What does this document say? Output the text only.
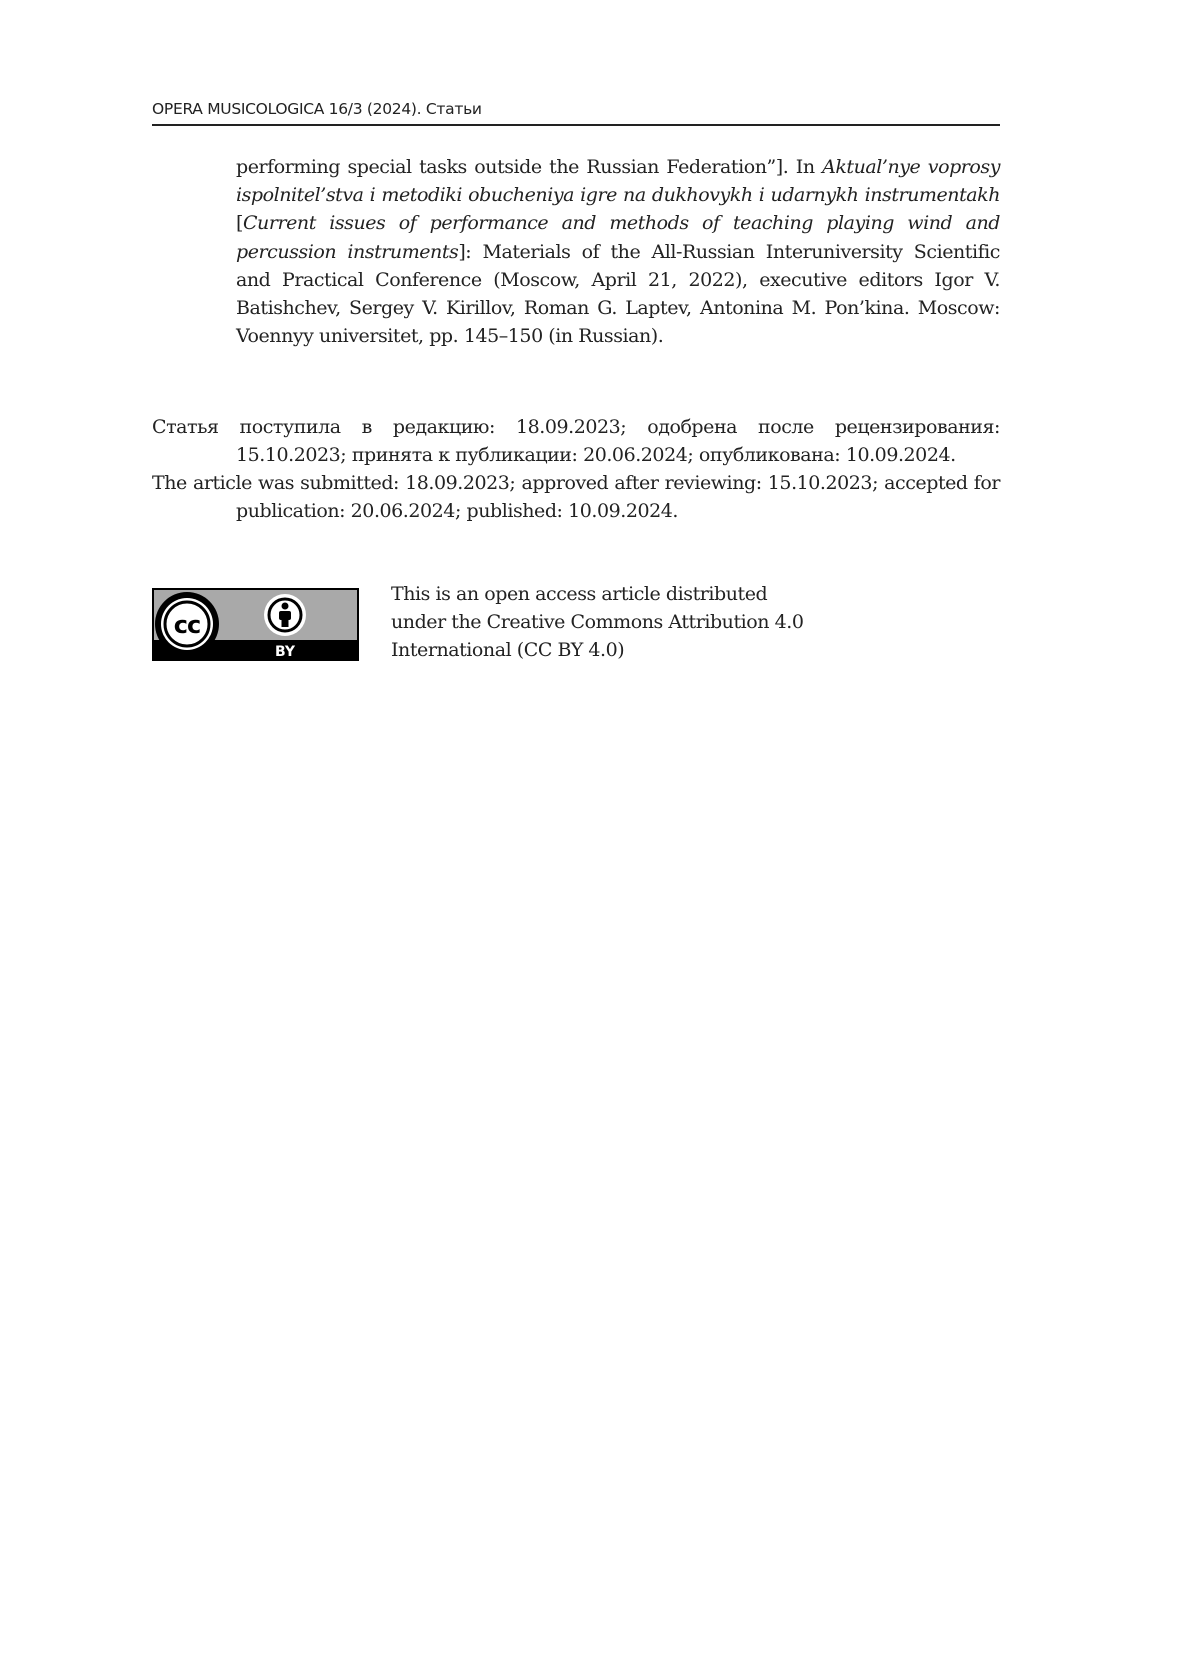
OPERA MUSICOLOGICA 16/3 (2024). Статьи
performing special tasks outside the Russian Federation”]. In Aktual’nye voprosy ispolnitel’stva i metodiki obucheniya igre na dukhovykh i udarnykh instrumentakh [Current issues of performance and methods of teaching playing wind and percussion instruments]: Materials of the All-Russian Interuniversity Scientific and Practical Conference (Moscow, April 21, 2022), executive editors Igor V. Batishchev, Sergey V. Kirillov, Roman G. Laptev, Antonina M. Pon’kina. Moscow: Voennyy universitet, pp. 145–150 (in Russian).
Статья поступила в редакцию: 18.09.2023; одобрена после рецензирования: 15.10.2023; принята к публикации: 20.06.2024; опубликована: 10.09.2024.
The article was submitted: 18.09.2023; approved after reviewing: 15.10.2023; accepted for publication: 20.06.2024; published: 10.09.2024.
cc
BY
This is an open access article distributed
under the Creative Commons Attribution 4.0
International (CC BY 4.0)
